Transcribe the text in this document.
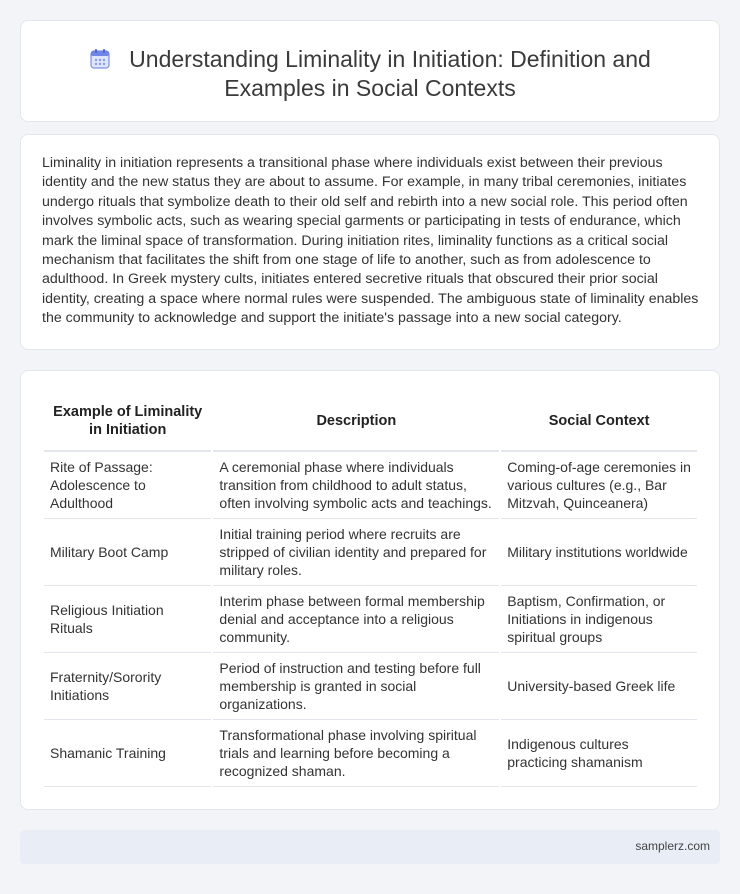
Understanding Liminality in Initiation: Definition and Examples in Social Contexts

Liminality in initiation represents a transitional phase where individuals exist between their previous identity and the new status they are about to assume. For example, in many tribal ceremonies, initiates undergo rituals that symbolize death to their old self and rebirth into a new social role. This period often involves symbolic acts, such as wearing special garments or participating in tests of endurance, which mark the liminal space of transformation. During initiation rites, liminality functions as a critical social mechanism that facilitates the shift from one stage of life to another, such as from adolescence to adulthood. In Greek mystery cults, initiates entered secretive rituals that obscured their prior social identity, creating a space where normal rules were suspended. The ambiguous state of liminality enables the community to acknowledge and support the initiate's passage into a new social category.

Example of Liminality in Initiation	Description	Social Context
Rite of Passage: Adolescence to Adulthood	A ceremonial phase where individuals transition from childhood to adult status, often involving symbolic acts and teachings.	Coming-of-age ceremonies in various cultures (e.g., Bar Mitzvah, Quinceanera)
Military Boot Camp	Initial training period where recruits are stripped of civilian identity and prepared for military roles.	Military institutions worldwide
Religious Initiation Rituals	Interim phase between formal membership denial and acceptance into a religious community.	Baptism, Confirmation, or Initiations in indigenous spiritual groups
Fraternity/Sorority Initiations	Period of instruction and testing before full membership is granted in social organizations.	University-based Greek life
Shamanic Training	Transformational phase involving spiritual trials and learning before becoming a recognized shaman.	Indigenous cultures practicing shamanism
samplerz.com
